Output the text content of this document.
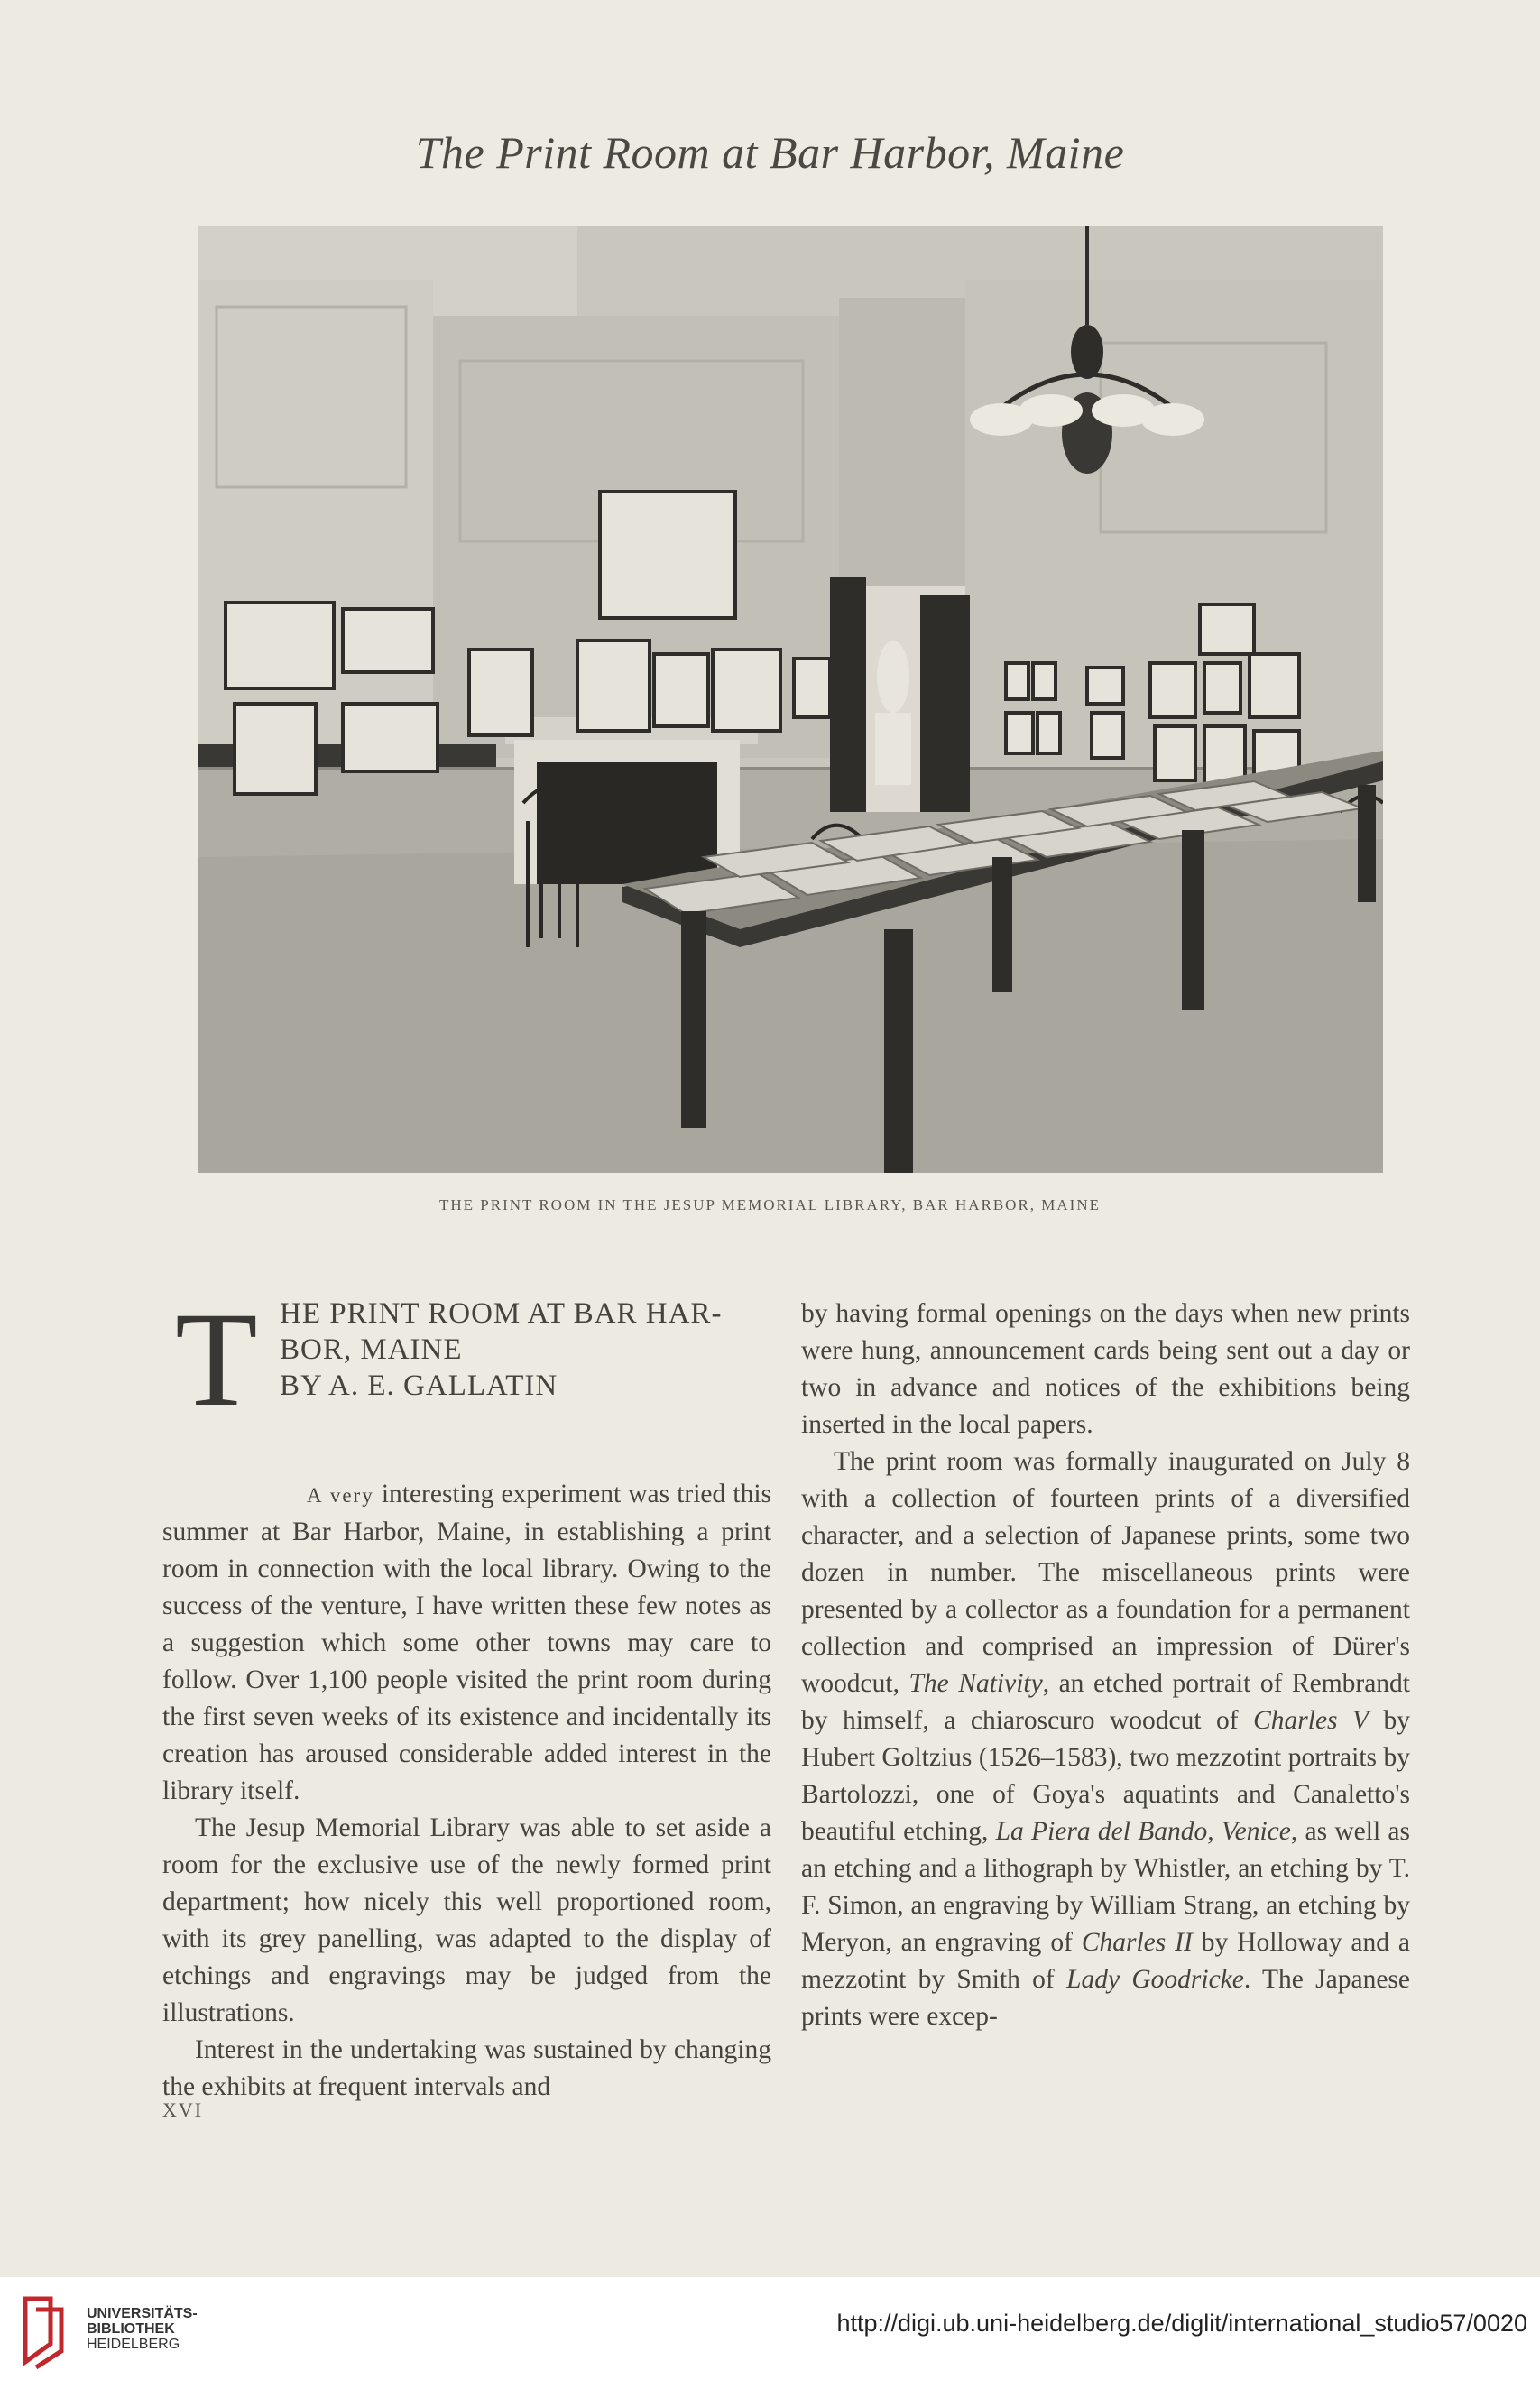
The Print Room at Bar Harbor, Maine
THE PRINT ROOM IN THE JESUP MEMORIAL LIBRARY, BAR HARBOR, MAINE
T HE PRINT ROOM AT BAR HAR-
BOR, MAINE
BY A. E. GALLATIN

A very interesting experiment was tried this summer at Bar Harbor, Maine, in establishing a print room in connection with the local library. Owing to the success of the venture, I have written these few notes as a suggestion which some other towns may care to follow. Over 1,100 people visited the print room during the first seven weeks of its existence and incidentally its creation has aroused considerable added interest in the library itself.

The Jesup Memorial Library was able to set aside a room for the exclusive use of the newly formed print department; how nicely this well proportioned room, with its grey panelling, was adapted to the display of etchings and engravings may be judged from the illustrations.

Interest in the undertaking was sustained by changing the exhibits at frequent intervals and

by having formal openings on the days when new prints were hung, announcement cards being sent out a day or two in advance and notices of the exhibitions being inserted in the local papers.

The print room was formally inaugurated on July 8 with a collection of fourteen prints of a diversified character, and a selection of Japanese prints, some two dozen in number. The miscellaneous prints were presented by a collector as a foundation for a permanent collection and comprised an impression of Dürer's woodcut, The Nativity, an etched portrait of Rembrandt by himself, a chiaroscuro woodcut of Charles V by Hubert Goltzius (1526–1583), two mezzotint portraits by Bartolozzi, one of Goya's aquatints and Canaletto's beautiful etching, La Piera del Bando, Venice, as well as an etching and a lithograph by Whistler, an etching by T. F. Simon, an engraving by William Strang, an etching by Meryon, an engraving of Charles II by Holloway and a mezzotint by Smith of Lady Goodricke. The Japanese prints were excep-

XVI
UNIVERSITÄTS-
BIBLIOTHEK
HEIDELBERG
http://digi.ub.uni-heidelberg.de/diglit/international_studio57/0020
